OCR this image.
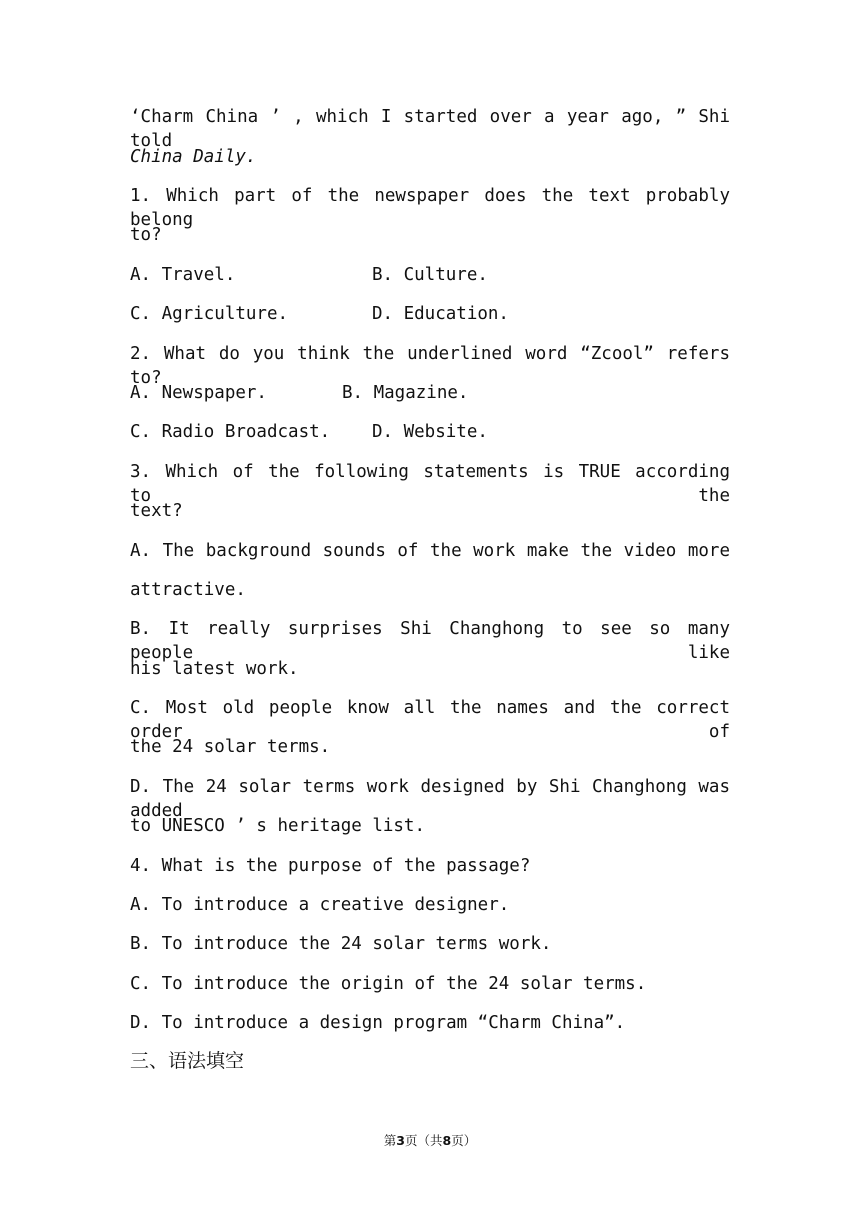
‘Charm China ’ , which I started over a year ago, ” Shi told
China Daily.
1. Which part of the newspaper does the text probably belong
to?
A. Travel.	B. Culture.
C. Agriculture.	D. Education.
2. What do you think the underlined word “Zcool” refers to?
A. Newspaper.	B. Magazine.
C. Radio Broadcast. D. Website.
3. Which of the following statements is TRUE according to the
text?
A. The background sounds of the work make the video more
attractive.
B. It really surprises Shi Changhong to see so many people like
his latest work.
C. Most old people know all the names and the correct order of
the 24 solar terms.
D. The 24 solar terms work designed by Shi Changhong was added
to UNESCO ’ s heritage list.
4. What is the purpose of the passage?
A. To introduce a creative designer.
B. To introduce the 24 solar terms work.
C. To introduce the origin of the 24 solar terms.
D. To introduce a design program “Charm China”.
三、语法填空
第3页（共8页）
